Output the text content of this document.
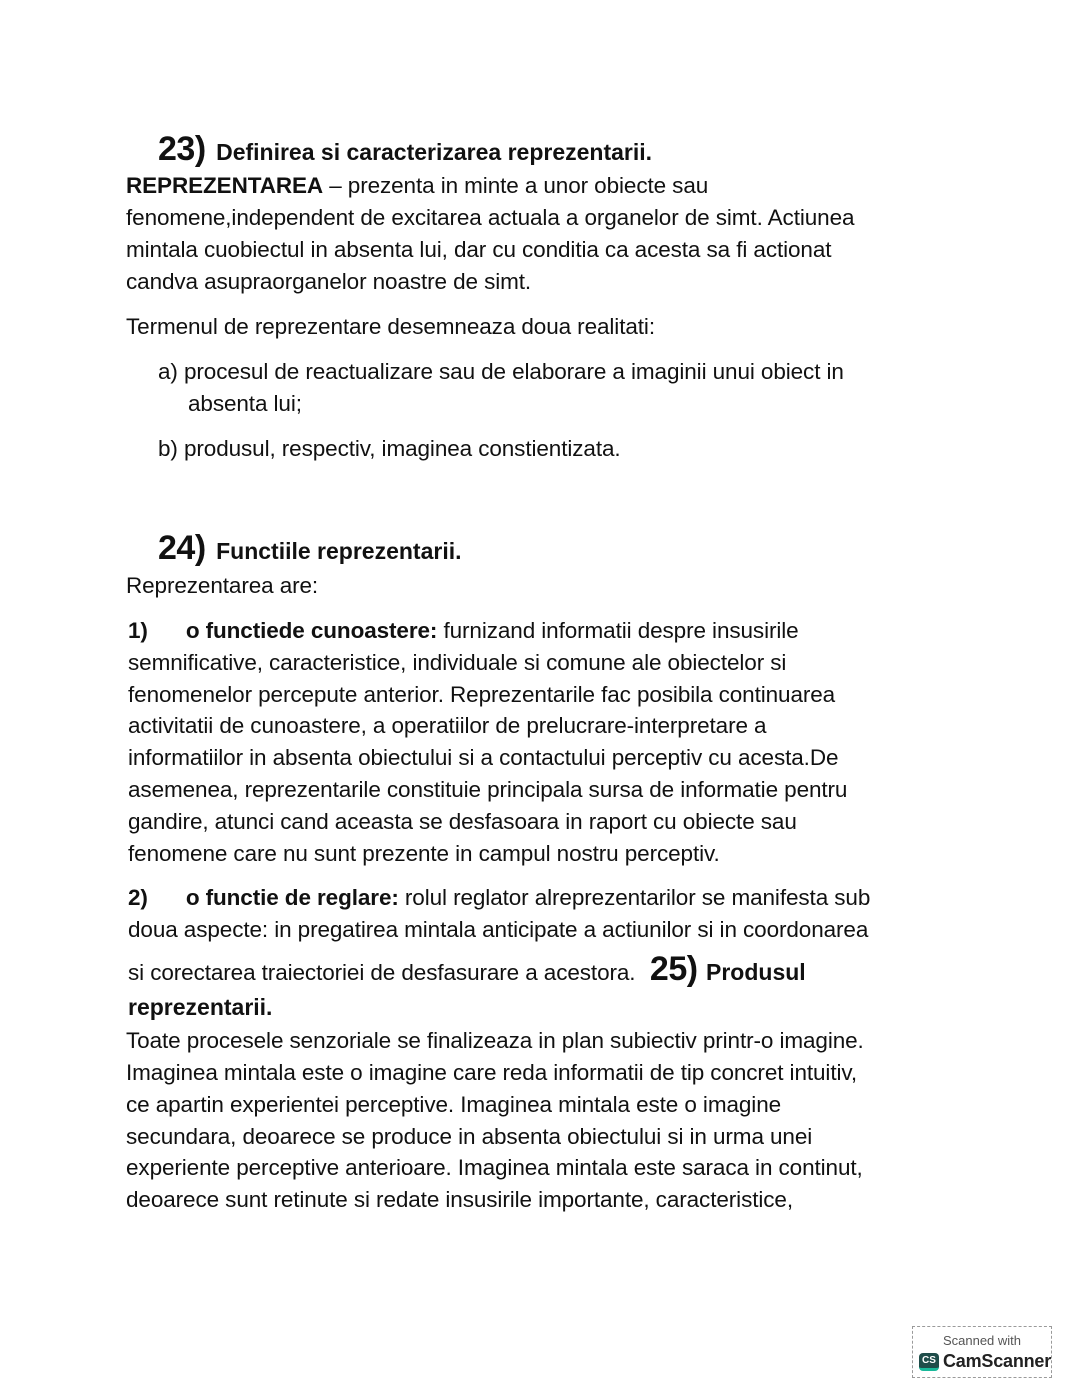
23) Definirea si caracterizarea reprezentarii.
REPREZENTAREA – prezenta in minte a unor obiecte sau
fenomene,independent de excitarea actuala a organelor de simt. Actiunea
mintala cuobiectul in absenta lui, dar cu conditia ca acesta sa fi actionat
candva asupraorganelor noastre de simt.
Termenul de reprezentare desemneaza doua realitati:
a) procesul de reactualizare sau de elaborare a imaginii unui obiect in
absenta lui;
b) produsul, respectiv, imaginea constientizata.
24) Functiile reprezentarii.
Reprezentarea are:
1) o functiede cunoastere: furnizand informatii despre insusirile
semnificative, caracteristice, individuale si comune ale obiectelor si
fenomenelor percepute anterior. Reprezentarile fac posibila continuarea
activitatii de cunoastere, a operatiilor de prelucrare-interpretare a
informatiilor in absenta obiectului si a contactului perceptiv cu acesta.De
asemenea, reprezentarile constituie principala sursa de informatie pentru
gandire, atunci cand aceasta se desfasoara in raport cu obiecte sau
fenomene care nu sunt prezente in campul nostru perceptiv.
2) o functie de reglare: rolul reglator alreprezentarilor se manifesta sub
doua aspecte: in pregatirea mintala anticipate a actiunilor si in coordonarea
si corectarea traiectoriei de desfasurare a acestora. 25) Produsul
reprezentarii.
Toate procesele senzoriale se finalizeaza in plan subiectiv printr-o imagine.
Imaginea mintala este o imagine care reda informatii de tip concret intuitiv,
ce apartin experientei perceptive. Imaginea mintala este o imagine
secundara, deoarece se produce in absenta obiectului si in urma unei
experiente perceptive anterioare. Imaginea mintala este saraca in continut,
deoarece sunt retinute si redate insusirile importante, caracteristice,
Scanned with
CS CamScanner
